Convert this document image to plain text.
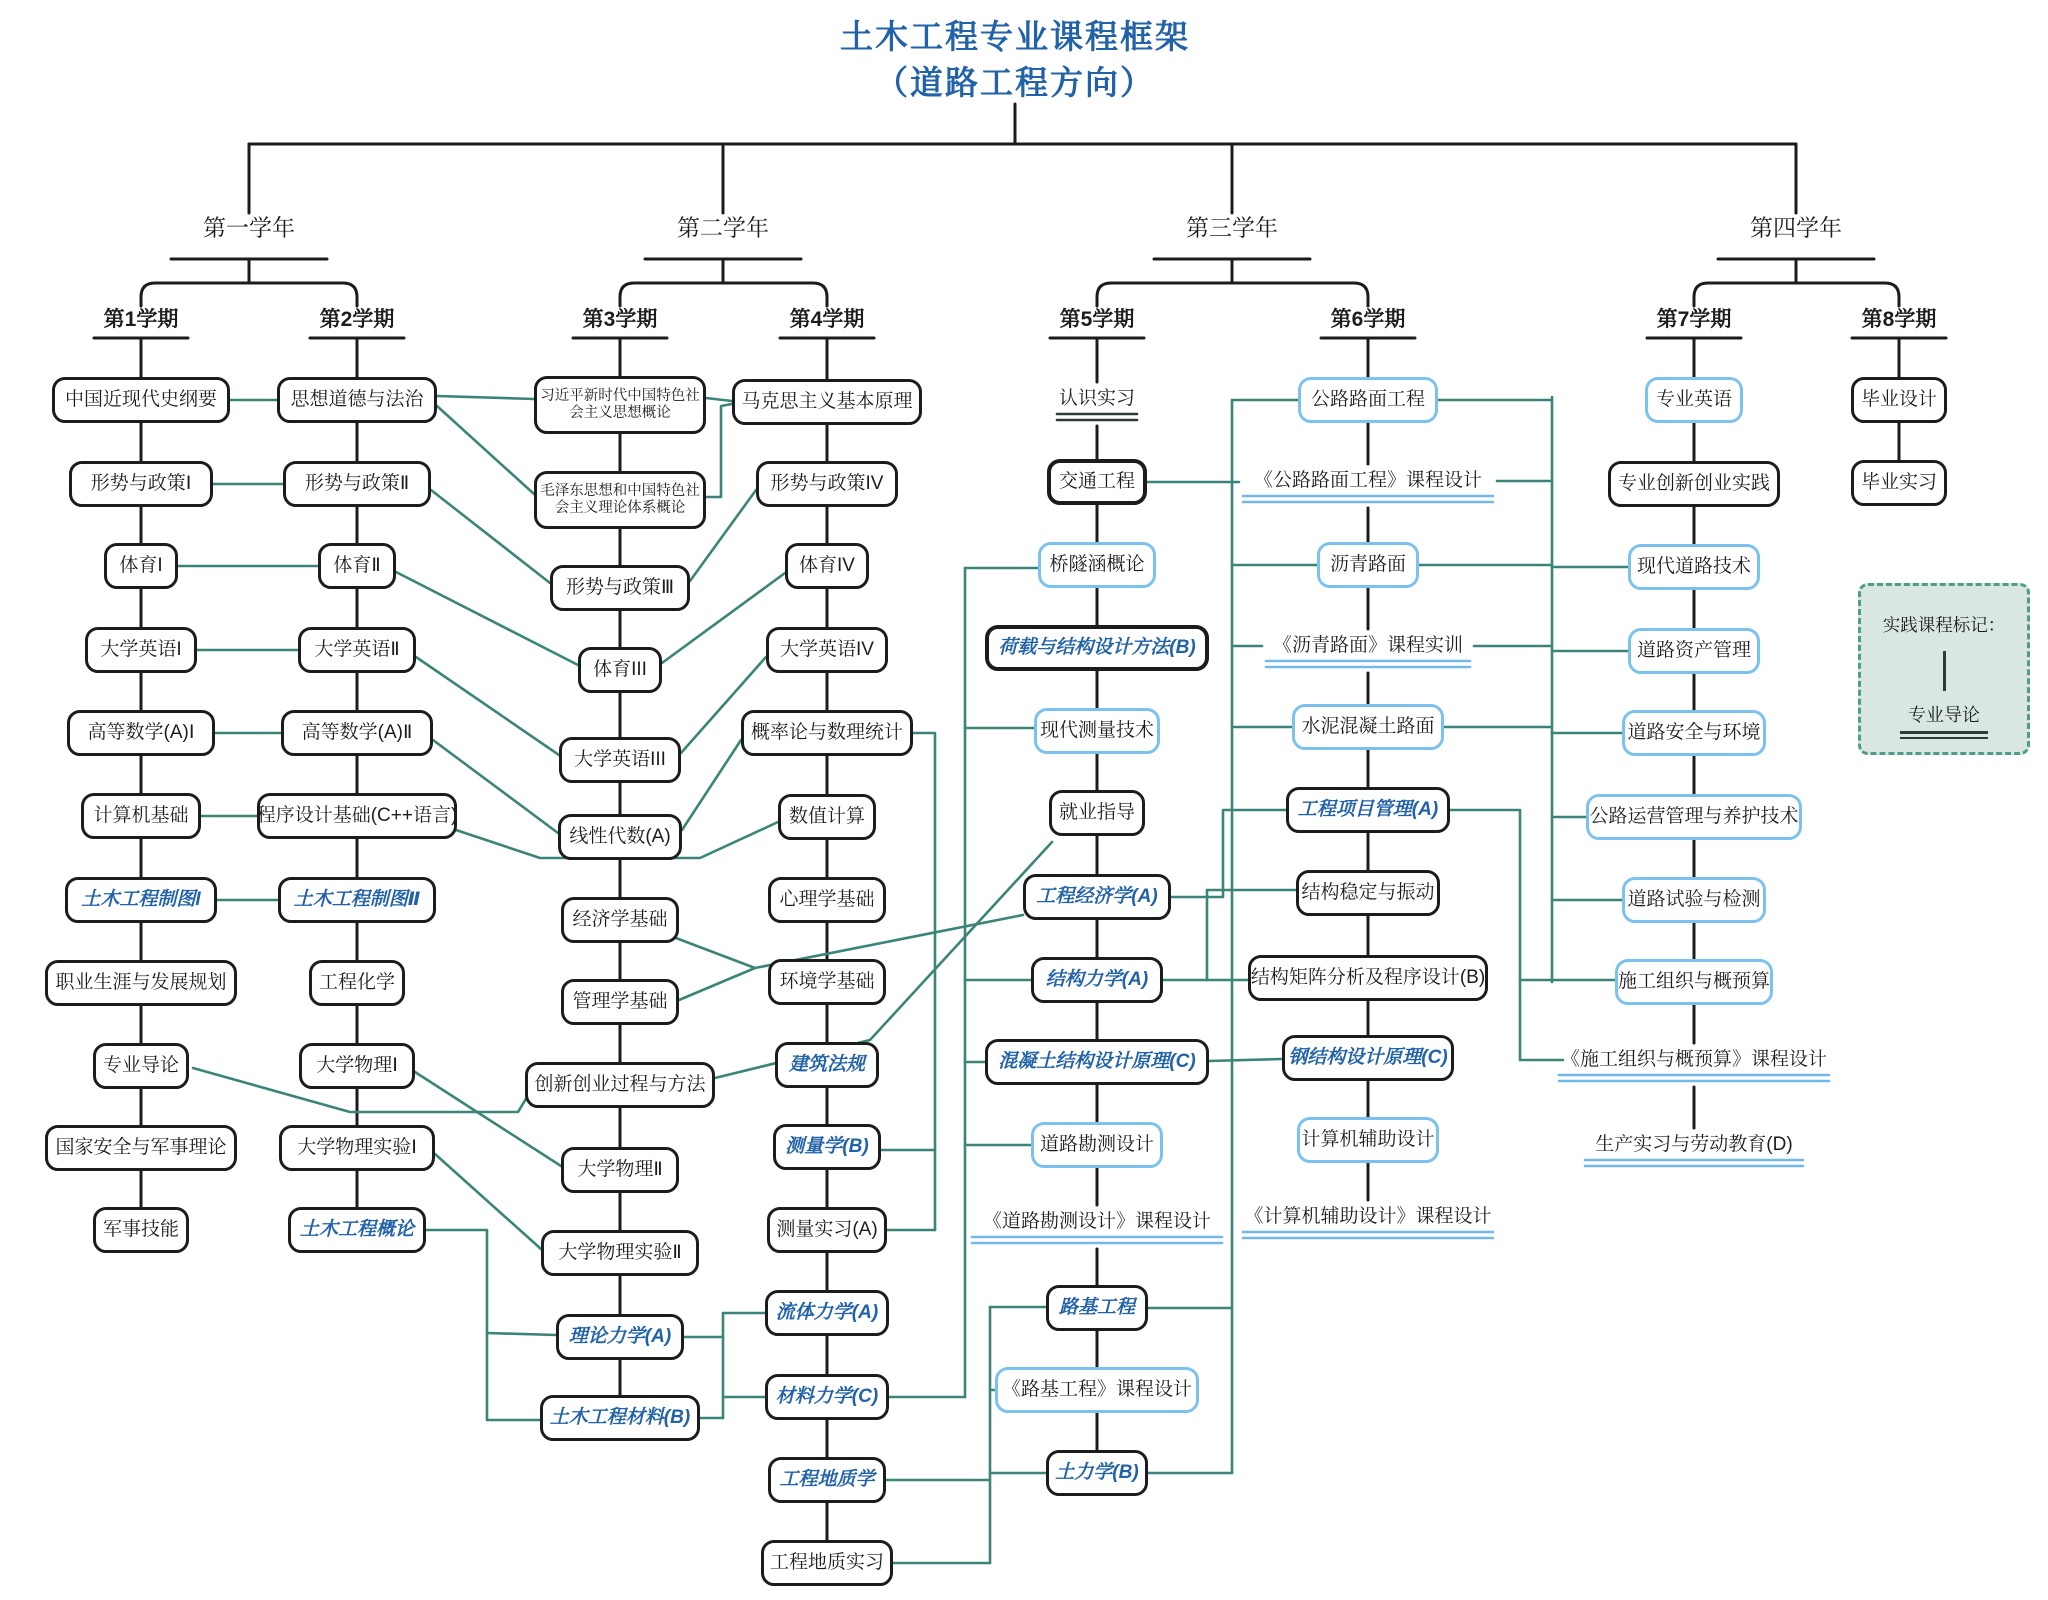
土木工程专业课程框架
（道路工程方向）
中国近现代史纲要
形势与政策Ⅰ
体育I
大学英语I
高等数学(A)Ⅰ
计算机基础
土木工程制图I
职业生涯与发展规划
专业导论
国家安全与军事理论
军事技能
思想道德与法治
形势与政策Ⅱ
体育Ⅱ
大学英语Ⅱ
高等数学(A)Ⅱ
程序设计基础(C++语言)
土木工程制图Ⅱ
工程化学
大学物理Ⅰ
大学物理实验Ⅰ
土木工程概论
习近平新时代中国特色社会主义思想概论
毛泽东思想和中国特色社会主义理论体系概论
形势与政策Ⅲ
体育III
大学英语III
线性代数(A)
经济学基础
管理学基础
创新创业过程与方法
大学物理Ⅱ
大学物理实验Ⅱ
理论力学(A)
土木工程材料(B)
马克思主义基本原理
形势与政策IV
体育IV
大学英语IV
概率论与数理统计
数值计算
心理学基础
环境学基础
建筑法规
测量学(B)
测量实习(A)
流体力学(A)
材料力学(C)
工程地质学
工程地质实习
认识实习
交通工程
桥隧涵概论
荷载与结构设计方法(B)
现代测量技术
就业指导
工程经济学(A)
结构力学(A)
混凝土结构设计原理(C)
道路勘测设计
《道路勘测设计》课程设计
路基工程
《路基工程》课程设计
土力学(B)
公路路面工程
《公路路面工程》课程设计
沥青路面
《沥青路面》课程实训
水泥混凝土路面
工程项目管理(A)
结构稳定与振动
结构矩阵分析及程序设计(B)
钢结构设计原理(C)
计算机辅助设计
《计算机辅助设计》课程设计
专业英语
专业创新创业实践
现代道路技术
道路资产管理
道路安全与环境
公路运营管理与养护技术
道路试验与检测
施工组织与概预算
《施工组织与概预算》课程设计
生产实习与劳动教育(D)
毕业设计
毕业实习
实践课程标记：
专业导论
第一学年	第二学年	第三学年	第四学年
第1学期	第2学期	第3学期	第4学期	第5学期	第6学期	第7学期	第8学期
